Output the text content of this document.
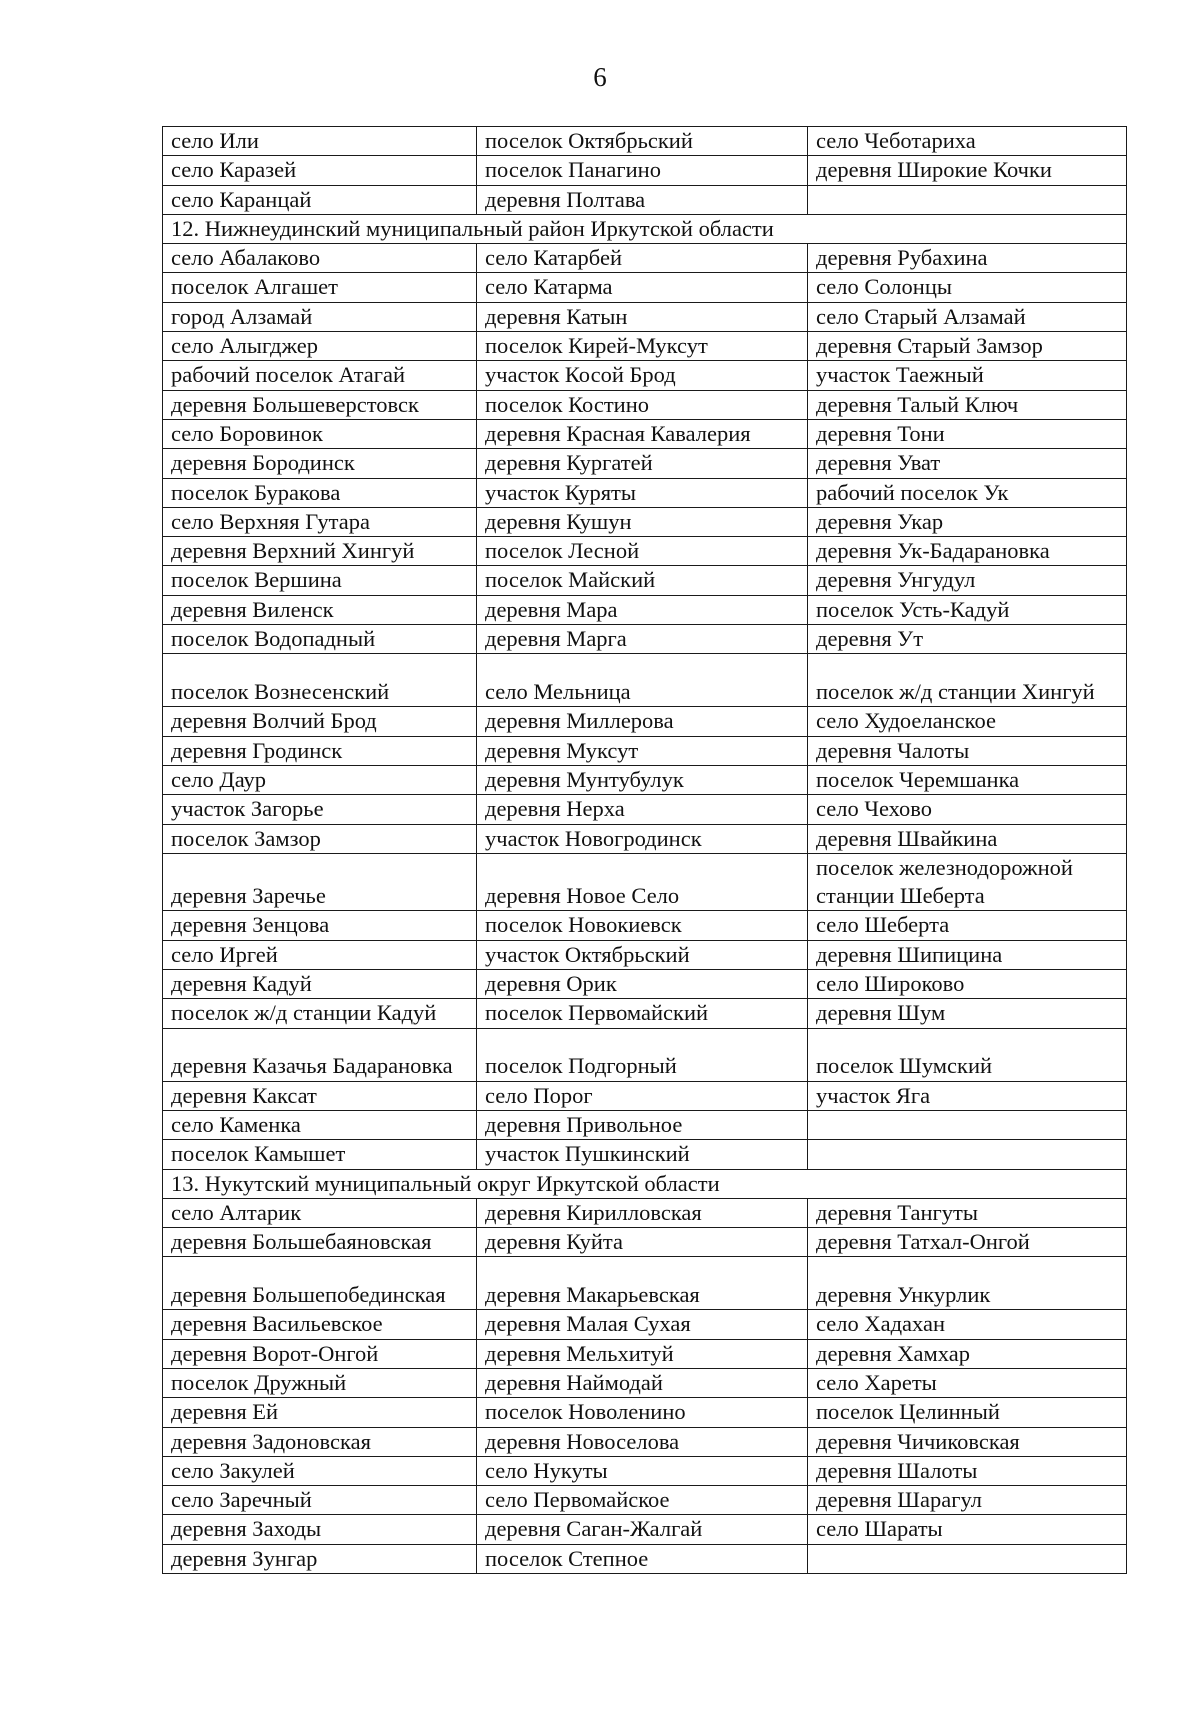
6
село Или	поселок Октябрьский	село Чеботариха
село Каразей	поселок Панагино	деревня Широкие Кочки
село Каранцай	деревня Полтава	
12. Нижнеудинский муниципальный район Иркутской области		
село Абалаково	село Катарбей	деревня Рубахина
поселок Алгашет	село Катарма	село Солонцы
город Алзамай	деревня Катын	село Старый Алзамай
село Алыгджер	поселок Кирей-Муксут	деревня Старый Замзор
рабочий поселок Атагай	участок Косой Брод	участок Таежный
деревня Большеверстовск	поселок Костино	деревня Талый Ключ
село Боровинок	деревня Красная Кавалерия	деревня Тони
деревня Бородинск	деревня Кургатей	деревня Уват
поселок Буракова	участок Куряты	рабочий поселок Ук
село Верхняя Гутара	деревня Кушун	деревня Укар
деревня Верхний Хингуй	поселок Лесной	деревня Ук-Бадарановка
поселок Вершина	поселок Майский	деревня Унгудул
деревня Виленск	деревня Мара	поселок Усть-Кадуй
поселок Водопадный	деревня Марга	деревня Ут
поселок Вознесенский	село Мельница	поселок ж/д станции Хингуй
деревня Волчий Брод	деревня Миллерова	село Худоеланское
деревня Гродинск	деревня Муксут	деревня Чалоты
село Даур	деревня Мунтубулук	поселок Черемшанка
участок Загорье	деревня Нерха	село Чехово
поселок Замзор	участок Новогродинск	деревня Швайкина
деревня Заречье	деревня Новое Село	поселок железнодорожной станции Шеберта
деревня Зенцова	поселок Новокиевск	село Шеберта
село Иргей	участок Октябрьский	деревня Шипицина
деревня Кадуй	деревня Орик	село Широково
поселок ж/д станции Кадуй	поселок Первомайский	деревня Шум
деревня Казачья Бадарановка	поселок Подгорный	поселок Шумский
деревня Каксат	село Порог	участок Яга
село Каменка	деревня Привольное	
поселок Камышет	участок Пушкинский	
13. Нукутский муниципальный округ Иркутской области		
село Алтарик	деревня Кирилловская	деревня Тангуты
деревня Большебаяновская	деревня Куйта	деревня Татхал-Онгой
деревня Большепобединская	деревня Макарьевская	деревня Ункурлик
деревня Васильевское	деревня Малая Сухая	село Хадахан
деревня Ворот-Онгой	деревня Мельхитуй	деревня Хамхар
поселок Дружный	деревня Наймодай	село Хареты
деревня Ей	поселок Новоленино	поселок Целинный
деревня Задоновская	деревня Новоселова	деревня Чичиковская
село Закулей	село Нукуты	деревня Шалоты
село Заречный	село Первомайское	деревня Шарагул
деревня Заходы	деревня Саган-Жалгай	село Шараты
деревня Зунгар	поселок Степное	
